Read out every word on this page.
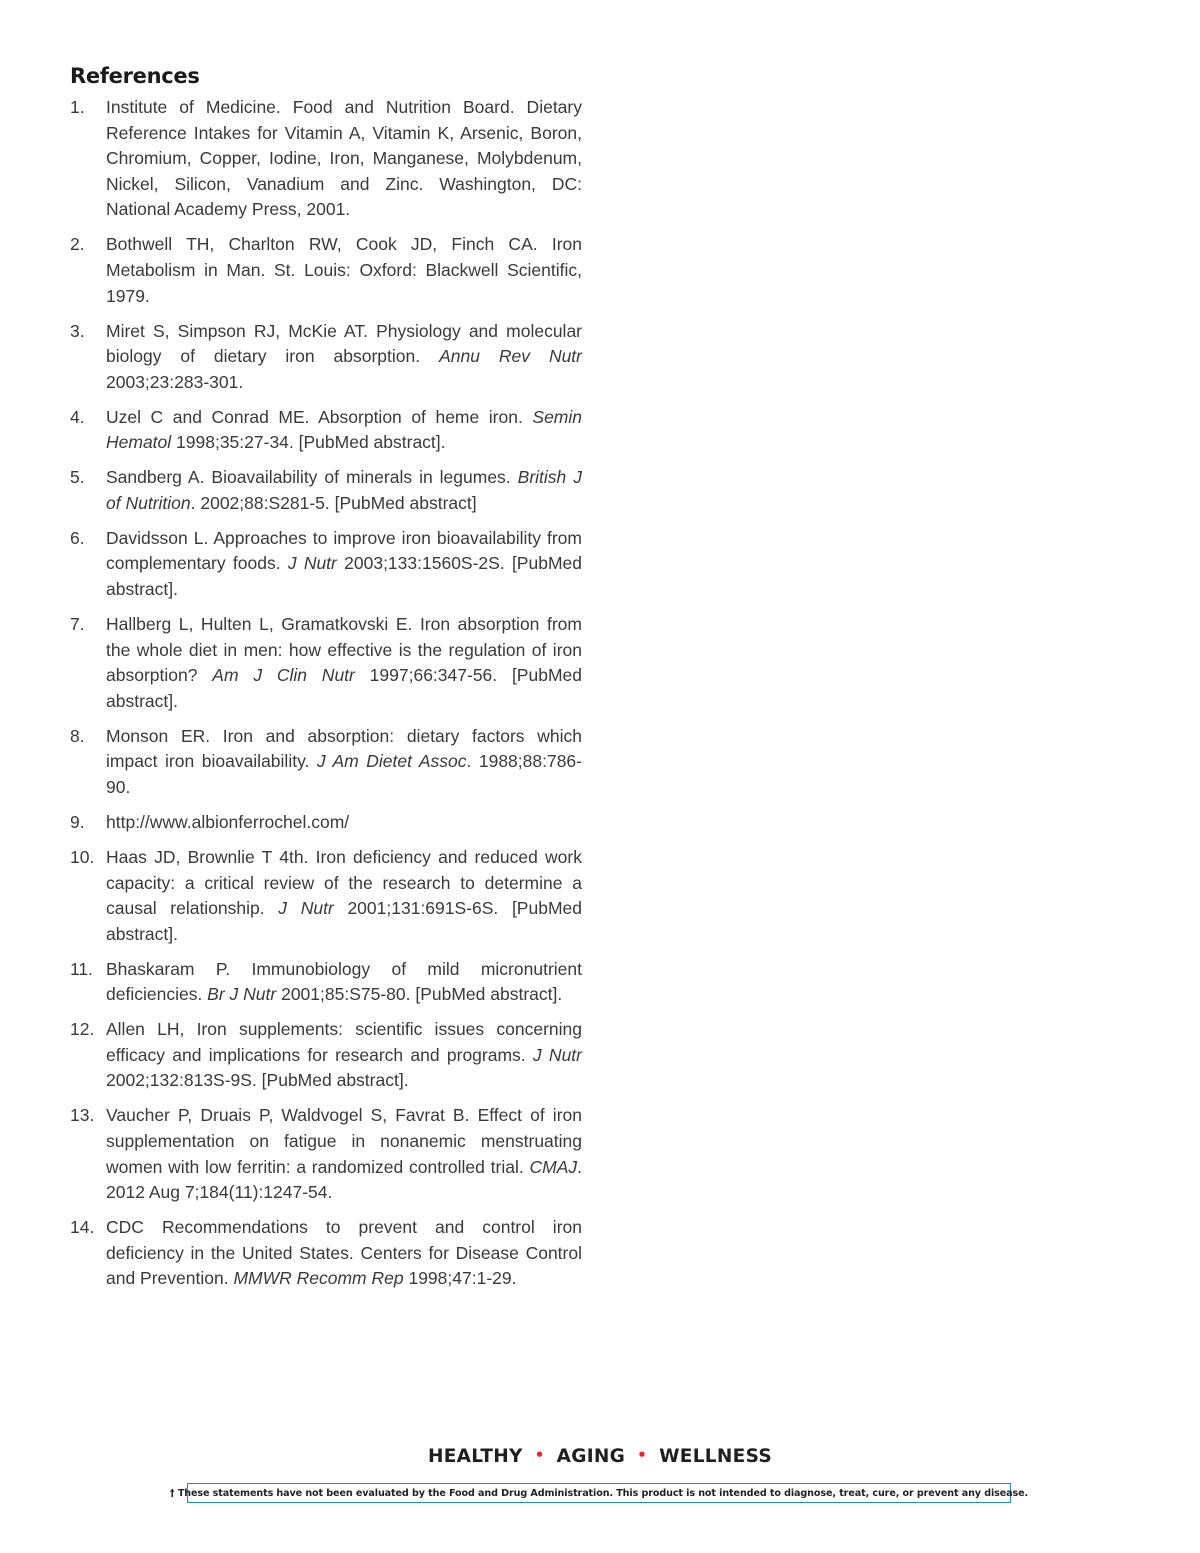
References
1. Institute of Medicine. Food and Nutrition Board. Dietary Reference Intakes for Vitamin A, Vitamin K, Arsenic, Boron, Chromium, Copper, Iodine, Iron, Manganese, Molybdenum, Nickel, Silicon, Vanadium and Zinc. Washington, DC: National Academy Press, 2001.
2. Bothwell TH, Charlton RW, Cook JD, Finch CA. Iron Metabolism in Man. St. Louis: Oxford: Blackwell Scientific, 1979.
3. Miret S, Simpson RJ, McKie AT. Physiology and molecular biology of dietary iron absorption. Annu Rev Nutr 2003;23:283-301.
4. Uzel C and Conrad ME. Absorption of heme iron. Semin Hematol 1998;35:27-34. [PubMed abstract].
5. Sandberg A. Bioavailability of minerals in legumes. British J of Nutrition. 2002;88:S281-5. [PubMed abstract]
6. Davidsson L. Approaches to improve iron bioavailability from complementary foods. J Nutr 2003;133:1560S-2S. [PubMed abstract].
7. Hallberg L, Hulten L, Gramatkovski E. Iron absorption from the whole diet in men: how effective is the regulation of iron absorption? Am J Clin Nutr 1997;66:347-56. [PubMed abstract].
8. Monson ER. Iron and absorption: dietary factors which impact iron bioavailability. J Am Dietet Assoc. 1988;88:786-90.
9. http://www.albionferrochel.com/
10. Haas JD, Brownlie T 4th. Iron deficiency and reduced work capacity: a critical review of the research to determine a causal relationship. J Nutr 2001;131:691S-6S. [PubMed abstract].
11. Bhaskaram P. Immunobiology of mild micronutrient deficiencies. Br J Nutr 2001;85:S75-80. [PubMed abstract].
12. Allen LH, Iron supplements: scientific issues concerning efficacy and implications for research and programs. J Nutr 2002;132:813S-9S. [PubMed abstract].
13. Vaucher P, Druais P, Waldvogel S, Favrat B. Effect of iron supplementation on fatigue in nonanemic menstruating women with low ferritin: a randomized controlled trial. CMAJ. 2012 Aug 7;184(11):1247-54.
14. CDC Recommendations to prevent and control iron deficiency in the United States. Centers for Disease Control and Prevention. MMWR Recomm Rep 1998;47:1-29.
HEALTHY • AGING • WELLNESS
† These statements have not been evaluated by the Food and Drug Administration. This product is not intended to diagnose, treat, cure, or prevent any disease.
